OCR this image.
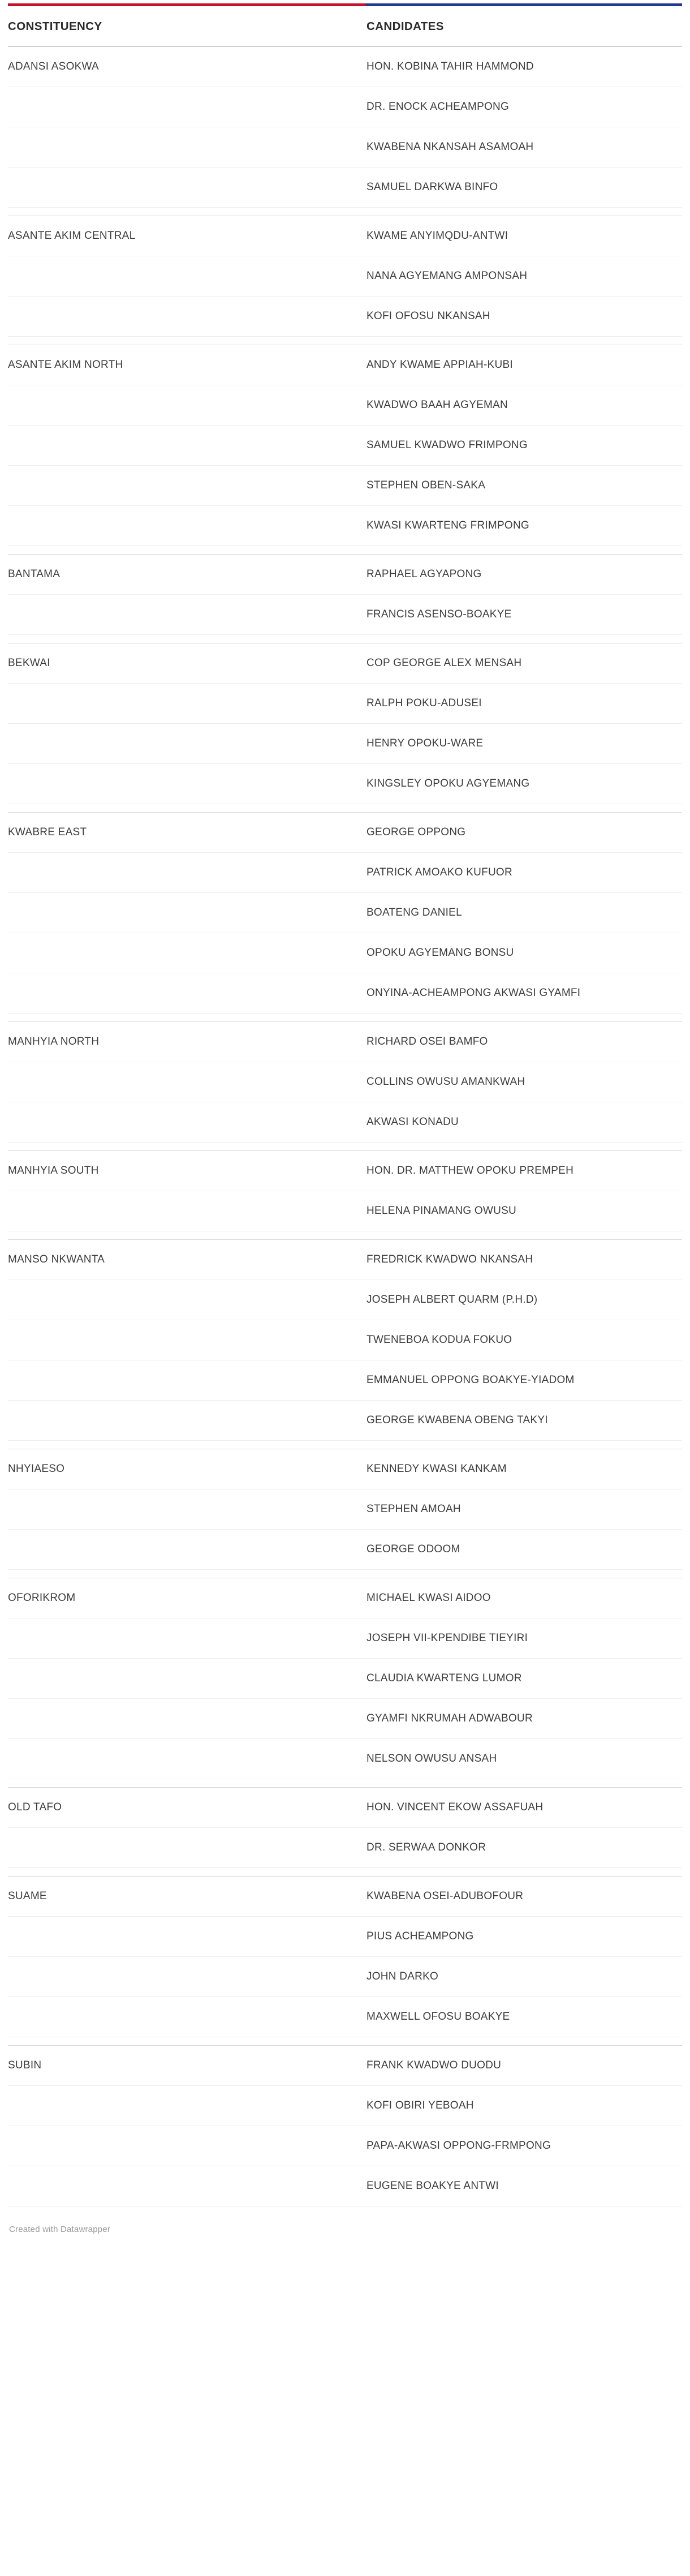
CONSTITUENCY	CANDIDATES
ADANSI ASOKWA	HON. KOBINA TAHIR HAMMOND
	DR. ENOCK ACHEAMPONG
	KWABENA NKANSAH ASAMOAH
	SAMUEL DARKWA BINFO

ASANTE AKIM CENTRAL	KWAME ANYIMQDU-ANTWI
	NANA AGYEMANG AMPONSAH
	KOFI OFOSU NKANSAH

ASANTE AKIM NORTH	ANDY KWAME APPIAH-KUBI
	KWADWO BAAH AGYEMAN
	SAMUEL KWADWO FRIMPONG
	STEPHEN OBEN-SAKA
	KWASI KWARTENG FRIMPONG

BANTAMA	RAPHAEL AGYAPONG
	FRANCIS ASENSO-BOAKYE

BEKWAI	COP GEORGE ALEX MENSAH
	RALPH POKU-ADUSEI
	HENRY OPOKU-WARE
	KINGSLEY OPOKU AGYEMANG

KWABRE EAST	GEORGE OPPONG
	PATRICK AMOAKO KUFUOR
	BOATENG DANIEL
	OPOKU AGYEMANG BONSU
	ONYINA-ACHEAMPONG AKWASI GYAMFI

MANHYIA NORTH	RICHARD OSEI BAMFO
	COLLINS OWUSU AMANKWAH
	AKWASI KONADU

MANHYIA SOUTH	HON. DR. MATTHEW OPOKU PREMPEH
	HELENA PINAMANG OWUSU

MANSO NKWANTA	FREDRICK KWADWO NKANSAH
	JOSEPH ALBERT QUARM (P.H.D)
	TWENEBOA KODUA FOKUO
	EMMANUEL OPPONG BOAKYE-YIADOM
	GEORGE KWABENA OBENG TAKYI

NHYIAESO	KENNEDY KWASI KANKAM
	STEPHEN AMOAH
	GEORGE ODOOM

OFORIKROM	MICHAEL KWASI AIDOO
	JOSEPH VII-KPENDIBE TIEYIRI
	CLAUDIA KWARTENG LUMOR
	GYAMFI NKRUMAH ADWABOUR
	NELSON OWUSU ANSAH

OLD TAFO	HON. VINCENT EKOW ASSAFUAH
	DR. SERWAA DONKOR

SUAME	KWABENA OSEI-ADUBOFOUR
	PIUS ACHEAMPONG
	JOHN DARKO
	MAXWELL OFOSU BOAKYE

SUBIN	FRANK KWADWO DUODU
	KOFI OBIRI YEBOAH
	PAPA-AKWASI OPPONG-FRMPONG
	EUGENE BOAKYE ANTWI
Created with Datawrapper
